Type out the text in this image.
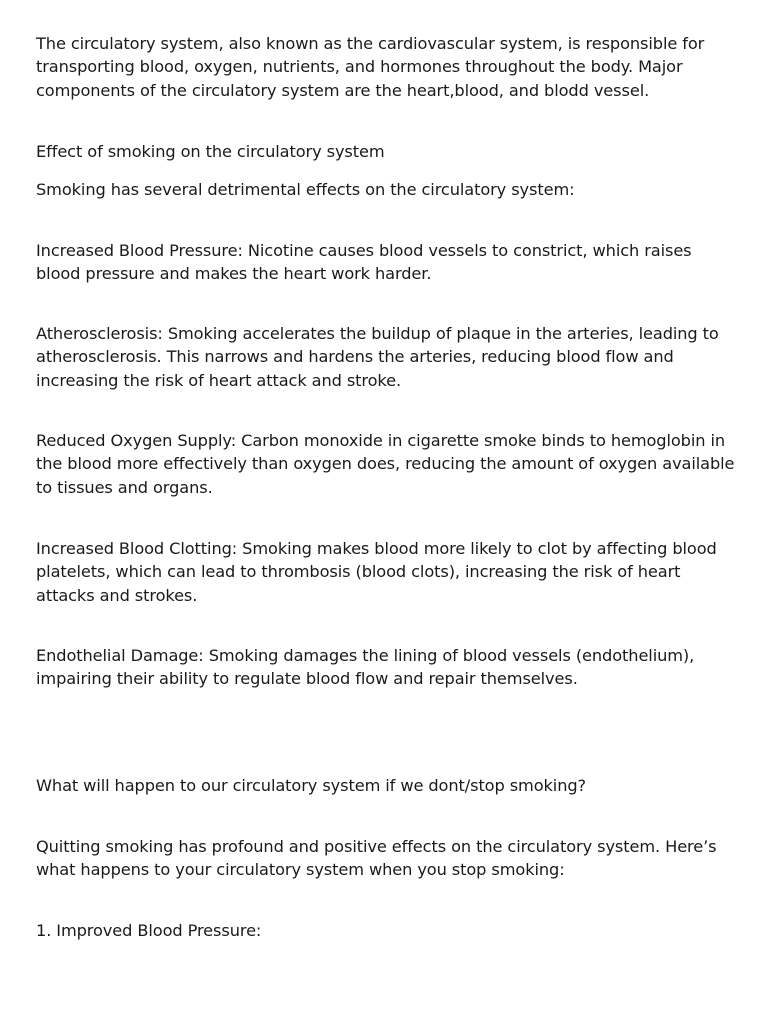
The circulatory system, also known as the cardiovascular system, is responsible for transporting blood, oxygen, nutrients, and hormones throughout the body. Major components of the circulatory system are the heart,blood, and blodd vessel.

Effect of smoking on the circulatory system

Smoking has several detrimental effects on the circulatory system:

Increased Blood Pressure: Nicotine causes blood vessels to constrict, which raises blood pressure and makes the heart work harder.

Atherosclerosis: Smoking accelerates the buildup of plaque in the arteries, leading to atherosclerosis. This narrows and hardens the arteries, reducing blood flow and increasing the risk of heart attack and stroke.

Reduced Oxygen Supply: Carbon monoxide in cigarette smoke binds to hemoglobin in the blood more effectively than oxygen does, reducing the amount of oxygen available to tissues and organs.

Increased Blood Clotting: Smoking makes blood more likely to clot by affecting blood platelets, which can lead to thrombosis (blood clots), increasing the risk of heart attacks and strokes.

Endothelial Damage: Smoking damages the lining of blood vessels (endothelium), impairing their ability to regulate blood flow and repair themselves.

What will happen to our circulatory system if we dont/stop smoking?

Quitting smoking has profound and positive effects on the circulatory system. Here’s what happens to your circulatory system when you stop smoking:

1. Improved Blood Pressure:
